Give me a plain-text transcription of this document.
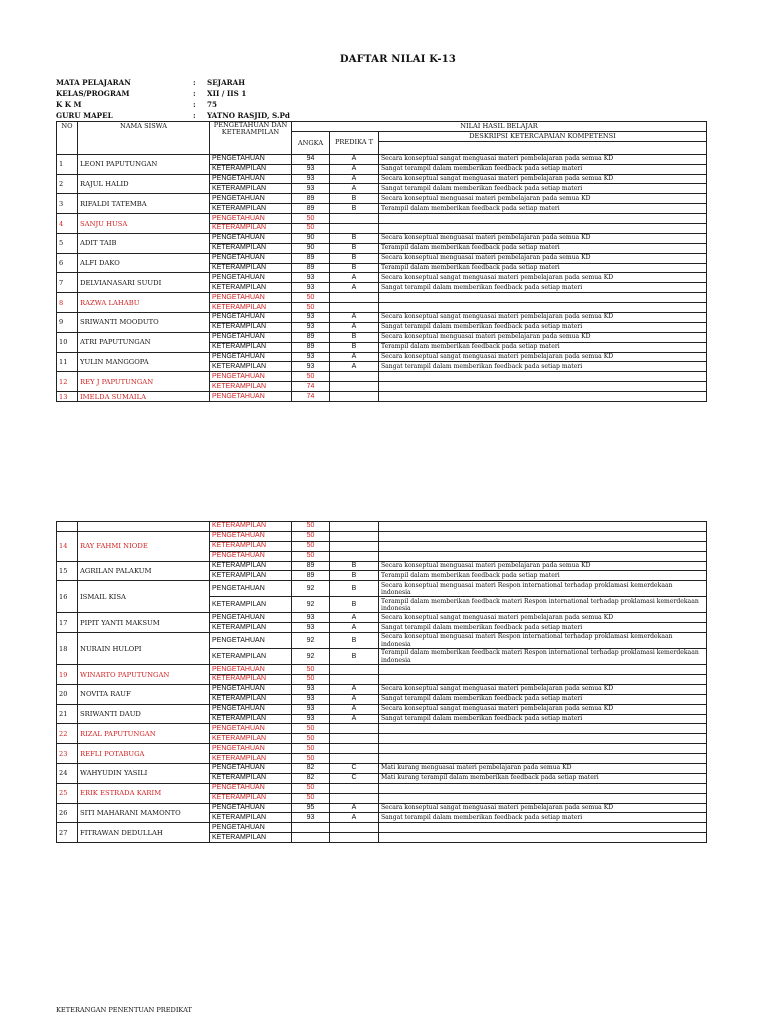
DAFTAR NILAI K-13
MATA PELAJARAN	:	SEJARAH
KELAS/PROGRAM	:	XII / IIS 1
K K M	:	75
GURU MAPEL	:	YATNO RASJID, S.Pd
NO	NAMA SISWA	PENGETAHUAN DAN KETERAMPILAN	NILAI HASIL BELAJAR		
			ANGKA	PREDIKA T	DESKRIPSI KETERCAPAIAN KOMPETENSI

1	LEONI PAPUTUNGAN	PENGETAHUAN	94	A	Secara konseptual sangat menguasai materi pembelajaran pada semua KD
		KETERAMPILAN	93	A	Sangat terampil dalam memberikan feedback pada setiap materi
2	RAJUL HALID	PENGETAHUAN	93	A	Secara konseptual sangat menguasai materi pembelajaran pada semua KD
		KETERAMPILAN	93	A	Sangat terampil dalam memberikan feedback pada setiap materi
3	RIFALDI TATEMBA	PENGETAHUAN	89	B	Secara konseptual menguasai materi pembelajaran pada semua KD
		KETERAMPILAN	89	B	Terampil dalam memberikan feedback pada setiap materi
4	SANJU HUSA	PENGETAHUAN	50		
		KETERAMPILAN	50		
5	ADIT TAIB	PENGETAHUAN	90	B	Secara konseptual menguasai materi pembelajaran pada semua KD
		KETERAMPILAN	90	B	Terampil dalam memberikan feedback pada setiap materi
6	ALFI DAKO	PENGETAHUAN	89	B	Secara konseptual menguasai materi pembelajaran pada semua KD
		KETERAMPILAN	89	B	Terampil dalam memberikan feedback pada setiap materi
7	DELVIANASARI SUUDI	PENGETAHUAN	93	A	Secara konseptual sangat menguasai materi pembelajaran pada semua KD
		KETERAMPILAN	93	A	Sangat terampil dalam memberikan feedback pada setiap materi
8	RAZWA LAHABU	PENGETAHUAN	50		
		KETERAMPILAN	50		
9	SRIWANTI MOODUTO	PENGETAHUAN	93	A	Secara konseptual sangat menguasai materi pembelajaran pada semua KD
		KETERAMPILAN	93	A	Sangat terampil dalam memberikan feedback pada setiap materi
10	ATRI PAPUTUNGAN	PENGETAHUAN	89	B	Secara konseptual menguasai materi pembelajaran pada semua KD
		KETERAMPILAN	89	B	Terampil dalam memberikan feedback pada setiap materi
11	YULIN MANGGOPA	PENGETAHUAN	93	A	Secara konseptual sangat menguasai materi pembelajaran pada semua KD
		KETERAMPILAN	93	A	Sangat terampil dalam memberikan feedback pada setiap materi
12	REY J PAPUTUNGAN	PENGETAHUAN	50		
		KETERAMPILAN	74		
13	IMELDA SUMAILA	PENGETAHUAN	74		
		KETERAMPILAN	50		
14	RAY FAHMI NIODE	PENGETAHUAN	50		
		KETERAMPILAN	50		
		PENGETAHUAN	50		
15	AGRILAN PALAKUM	KETERAMPILAN	89	B	Secara konseptual menguasai materi pembelajaran pada semua KD
		KETERAMPILAN	89	B	Terampil dalam memberikan feedback pada setiap materi
16	ISMAIL KISA	PENGETAHUAN	92	B	Secara konseptual menguasai materi Respon international terhadap proklamasi kemerdekaan indonesia
		KETERAMPILAN	92	B	Terampil dalam memberikan feedback materi Respon international terhadap proklamasi kemerdekaan indonesia
17	PIPIT YANTI MAKSUM	PENGETAHUAN	93	A	Secara konseptual sangat menguasai materi pembelajaran pada semua KD
		KETERAMPILAN	93	A	Sangat terampil dalam memberikan feedback pada setiap materi
18	NURAIN HULOPI	PENGETAHUAN	92	B	Secara konseptual menguasai materi Respon international terhadap proklamasi kemerdekaan indonesia
		KETERAMPILAN	92	B	Terampil dalam memberikan feedback materi Respon international terhadap proklamasi kemerdekaan indonesia
19	WINARTO PAPUTUNGAN	PENGETAHUAN	50		
		KETERAMPILAN	50		
20	NOVITA RAUF	PENGETAHUAN	93	A	Secara konseptual sangat menguasai materi pembelajaran pada semua KD
		KETERAMPILAN	93	A	Sangat terampil dalam memberikan feedback pada setiap materi
21	SRIWANTI DAUD	PENGETAHUAN	93	A	Secara konseptual sangat menguasai materi pembelajaran pada semua KD
		KETERAMPILAN	93	A	Sangat terampil dalam memberikan feedback pada setiap materi
22	RIZAL PAPUTUNGAN	PENGETAHUAN	50		
		KETERAMPILAN	50		
23	REFLI POTABUGA	PENGETAHUAN	50		
		KETERAMPILAN	50		
24	WAHYUDIN YASILI	PENGETAHUAN	82	C	Mati kurang menguasai materi pembelajaran pada semua KD
		KETERAMPILAN	82	C	Mati kurang terampil dalam memberikan feedback pada setiap materi
25	ERIK ESTRADA KARIM	PENGETAHUAN	50		
		KETERAMPILAN	50		
26	SITI MAHARANI MAMONTO	PENGETAHUAN	95	A	Secara konseptual sangat menguasai materi pembelajaran pada semua KD
		KETERAMPILAN	93	A	Sangat terampil dalam memberikan feedback pada setiap materi
27	FITRAWAN DEDULLAH	PENGETAHUAN			
		KETERAMPILAN			
KETERANGAN PENENTUAN PREDIKAT
